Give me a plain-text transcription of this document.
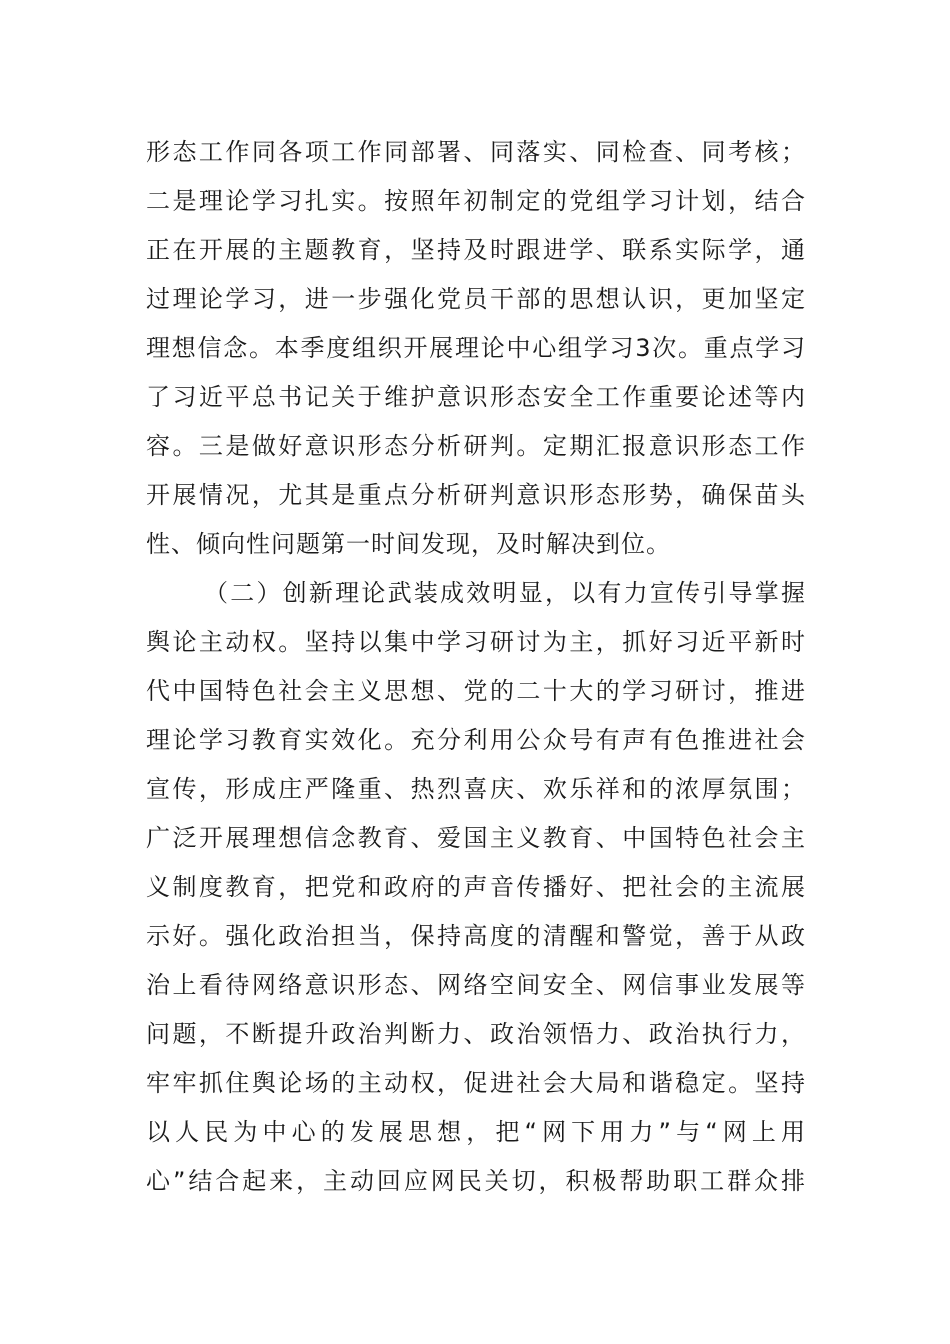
形态工作同各项工作同部署、同落实、同检查、同考核；
二是理论学习扎实。按照年初制定的党组学习计划，结合
正在开展的主题教育，坚持及时跟进学、联系实际学，通
过理论学习，进一步强化党员干部的思想认识，更加坚定
理想信念。本季度组织开展理论中心组学习3次。重点学习
了习近平总书记关于维护意识形态安全工作重要论述等内
容。三是做好意识形态分析研判。定期汇报意识形态工作
开展情况，尤其是重点分析研判意识形态形势，确保苗头
性、倾向性问题第一时间发现，及时解决到位。
（二）创新理论武装成效明显，以有力宣传引导掌握
舆论主动权。坚持以集中学习研讨为主，抓好习近平新时
代中国特色社会主义思想、党的二十大的学习研讨，推进
理论学习教育实效化。充分利用公众号有声有色推进社会
宣传，形成庄严隆重、热烈喜庆、欢乐祥和的浓厚氛围；
广泛开展理想信念教育、爱国主义教育、中国特色社会主
义制度教育，把党和政府的声音传播好、把社会的主流展
示好。强化政治担当，保持高度的清醒和警觉，善于从政
治上看待网络意识形态、网络空间安全、网信事业发展等
问题，不断提升政治判断力、政治领悟力、政治执行力，
牢牢抓住舆论场的主动权，促进社会大局和谐稳定。坚持
以人民为中心的发展思想，把“网下用力”与“网上用
心”结合起来，主动回应网民关切，积极帮助职工群众排
